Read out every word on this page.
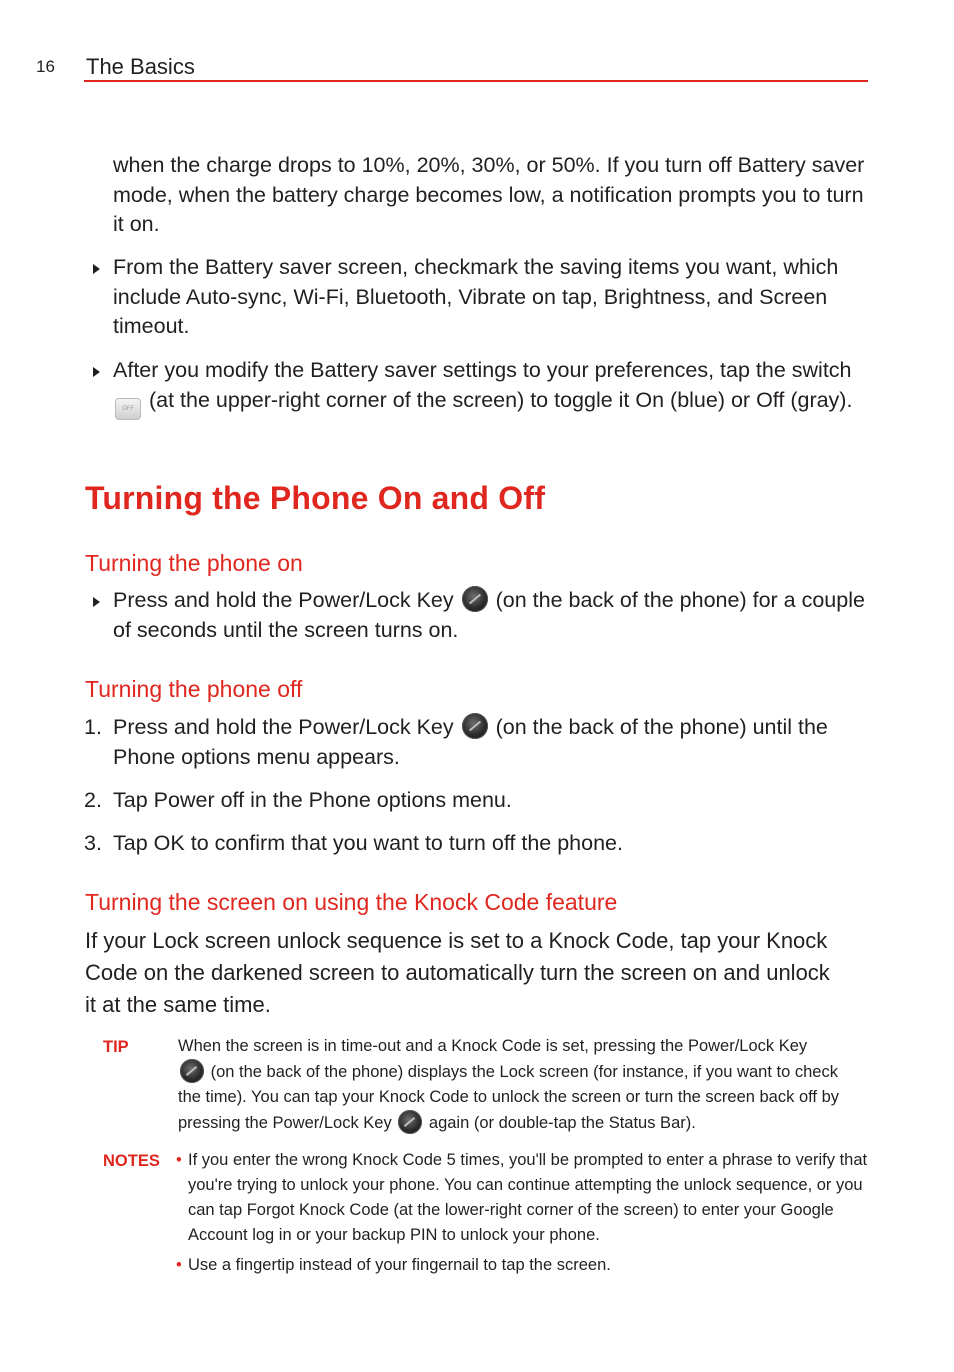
16 The Basics
when the charge drops to 10%, 20%, 30%, or 50%. If you turn off Battery saver mode, when the battery charge becomes low, a notification prompts you to turn it on.
From the Battery saver screen, checkmark the saving items you want, which include Auto-sync, Wi-Fi, Bluetooth, Vibrate on tap, Brightness, and Screen timeout.
After you modify the Battery saver settings to your preferences, tap the switch OFF (at the upper-right corner of the screen) to toggle it On (blue) or Off (gray).
Turning the Phone On and Off
Turning the phone on
Press and hold the Power/Lock Key (on the back of the phone) for a couple of seconds until the screen turns on.
Turning the phone off
1. Press and hold the Power/Lock Key (on the back of the phone) until the Phone options menu appears.
2. Tap Power off in the Phone options menu.
3. Tap OK to confirm that you want to turn off the phone.
Turning the screen on using the Knock Code feature
If your Lock screen unlock sequence is set to a Knock Code, tap your Knock Code on the darkened screen to automatically turn the screen on and unlock it at the same time.
TIP	When the screen is in time-out and a Knock Code is set, pressing the Power/Lock Key
(on the back of the phone) displays the Lock screen (for instance, if you want to check the time). You can tap your Knock Code to unlock the screen or turn the screen back off by pressing the Power/Lock Key again (or double-tap the Status Bar).
NOTES • If you enter the wrong Knock Code 5 times, you'll be prompted to enter a phrase to verify that you're trying to unlock your phone. You can continue attempting the unlock sequence, or you can tap Forgot Knock Code (at the lower-right corner of the screen) to enter your Google Account log in or your backup PIN to unlock your phone.
• Use a fingertip instead of your fingernail to tap the screen.
